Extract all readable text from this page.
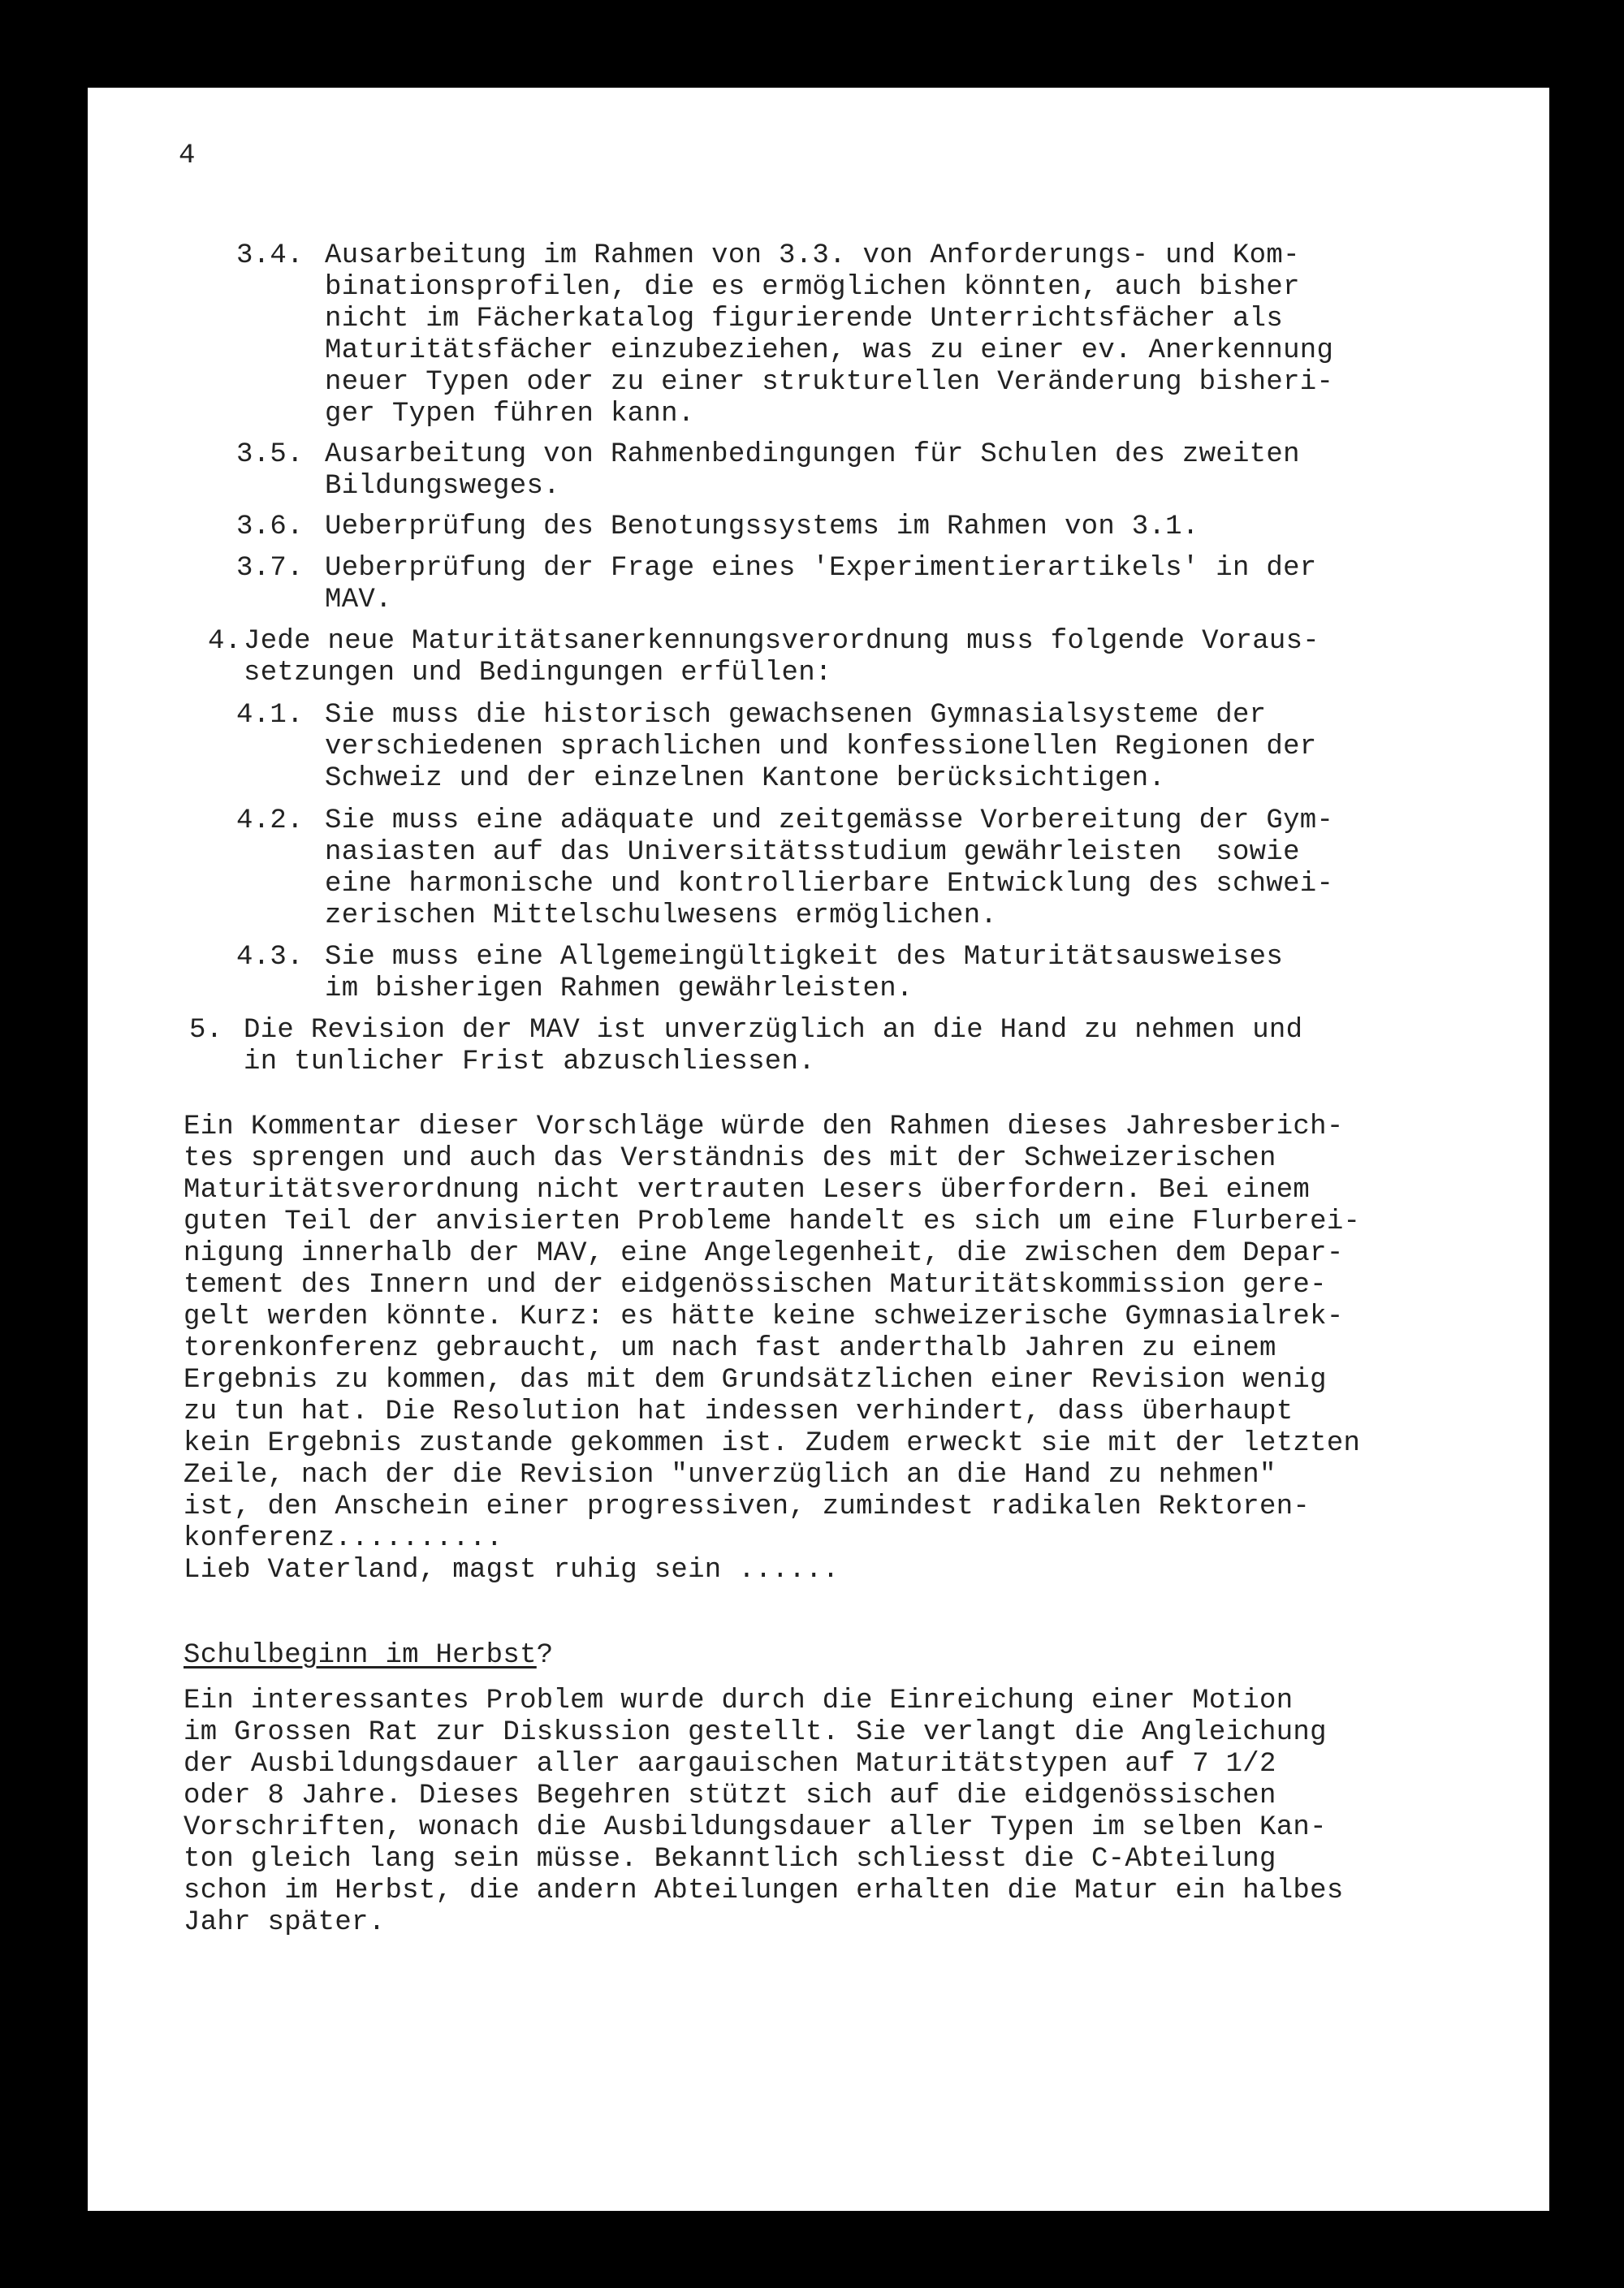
4
3.4. Ausarbeitung im Rahmen von 3.3. von Anforderungs- und Kom-
binationsprofilen, die es ermöglichen könnten, auch bisher
nicht im Fächerkatalog figurierende Unterrichtsfächer als
Maturitätsfächer einzubeziehen, was zu einer ev. Anerkennung
neuer Typen oder zu einer strukturellen Veränderung bisheri-
ger Typen führen kann.
3.5. Ausarbeitung von Rahmenbedingungen für Schulen des zweiten
Bildungsweges.
3.6. Ueberprüfung des Benotungssystems im Rahmen von 3.1.
3.7. Ueberprüfung der Frage eines 'Experimentierartikels' in der
MAV.
4. Jede neue Maturitätsanerkennungsverordnung muss folgende Voraus-
setzungen und Bedingungen erfüllen:
4.1. Sie muss die historisch gewachsenen Gymnasialsysteme der
verschiedenen sprachlichen und konfessionellen Regionen der
Schweiz und der einzelnen Kantone berücksichtigen.
4.2. Sie muss eine adäquate und zeitgemässe Vorbereitung der Gym-
nasiasten auf das Universitätsstudium gewährleisten  sowie
eine harmonische und kontrollierbare Entwicklung des schwei-
zerischen Mittelschulwesens ermöglichen.
4.3. Sie muss eine Allgemeingültigkeit des Maturitätsausweises
im bisherigen Rahmen gewährleisten.
5. Die Revision der MAV ist unverzüglich an die Hand zu nehmen und
in tunlicher Frist abzuschliessen.
Ein Kommentar dieser Vorschläge würde den Rahmen dieses Jahresberich-
tes sprengen und auch das Verständnis des mit der Schweizerischen
Maturitätsverordnung nicht vertrauten Lesers überfordern. Bei einem
guten Teil der anvisierten Probleme handelt es sich um eine Flurberei-
nigung innerhalb der MAV, eine Angelegenheit, die zwischen dem Depar-
tement des Innern und der eidgenössischen Maturitätskommission gere-
gelt werden könnte. Kurz: es hätte keine schweizerische Gymnasialrek-
torenkonferenz gebraucht, um nach fast anderthalb Jahren zu einem
Ergebnis zu kommen, das mit dem Grundsätzlichen einer Revision wenig
zu tun hat. Die Resolution hat indessen verhindert, dass überhaupt
kein Ergebnis zustande gekommen ist. Zudem erweckt sie mit der letzten
Zeile, nach der die Revision "unverzüglich an die Hand zu nehmen"
ist, den Anschein einer progressiven, zumindest radikalen Rektoren-
konferenz..........
Lieb Vaterland, magst ruhig sein ......
Schulbeginn im Herbst?
Ein interessantes Problem wurde durch die Einreichung einer Motion
im Grossen Rat zur Diskussion gestellt. Sie verlangt die Angleichung
der Ausbildungsdauer aller aargauischen Maturitätstypen auf 7 1/2
oder 8 Jahre. Dieses Begehren stützt sich auf die eidgenössischen
Vorschriften, wonach die Ausbildungsdauer aller Typen im selben Kan-
ton gleich lang sein müsse. Bekanntlich schliesst die C-Abteilung
schon im Herbst, die andern Abteilungen erhalten die Matur ein halbes
Jahr später.
